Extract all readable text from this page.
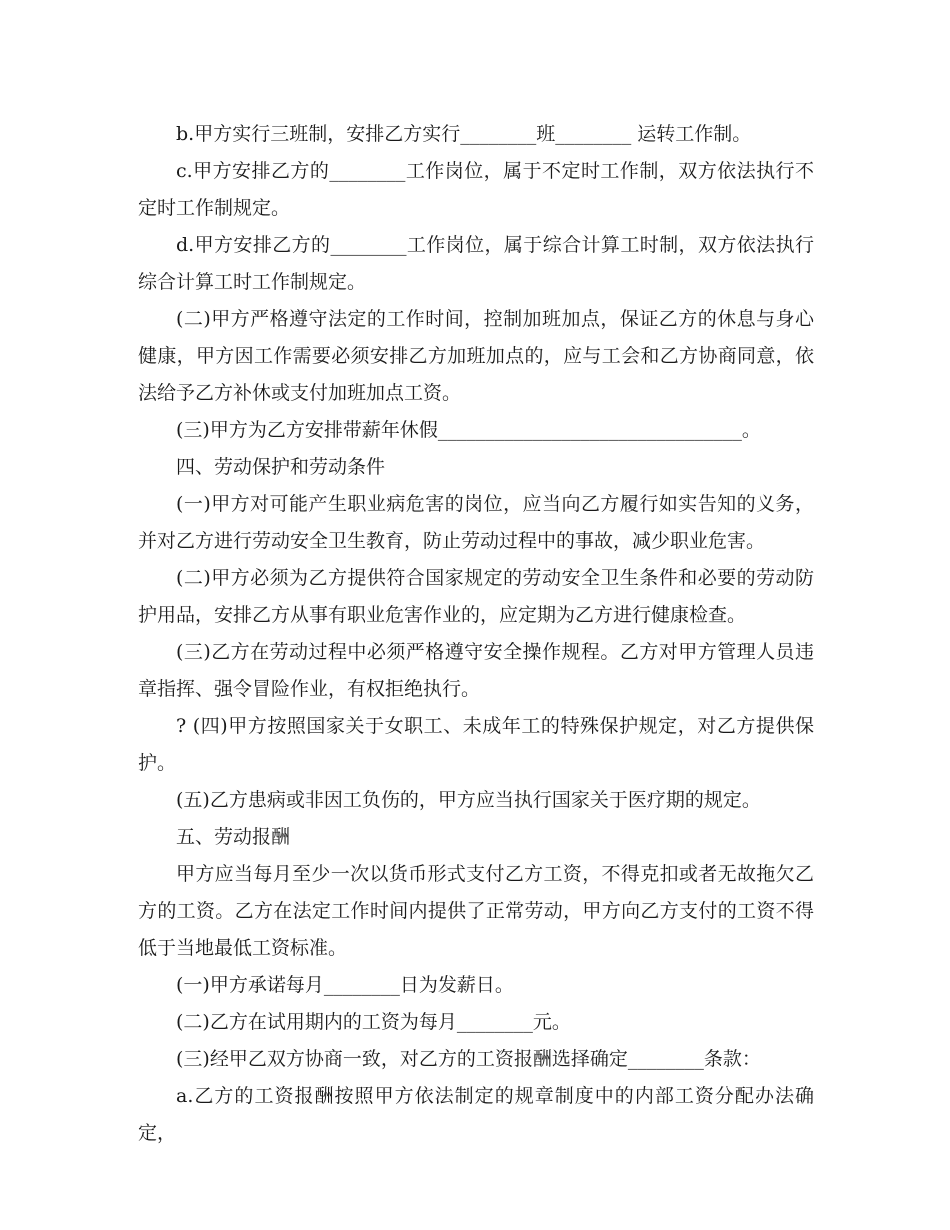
b.甲方实行三班制，安排乙方实行________班________ 运转工作制。

c.甲方安排乙方的________工作岗位，属于不定时工作制，双方依法执行不定时工作制规定。

d.甲方安排乙方的________工作岗位，属于综合计算工时制，双方依法执行综合计算工时工作制规定。

(二)甲方严格遵守法定的工作时间，控制加班加点，保证乙方的休息与身心健康，甲方因工作需要必须安排乙方加班加点的，应与工会和乙方协商同意，依法给予乙方补休或支付加班加点工资。

(三)甲方为乙方安排带薪年休假________________________________。

四、劳动保护和劳动条件

(一)甲方对可能产生职业病危害的岗位，应当向乙方履行如实告知的义务，并对乙方进行劳动安全卫生教育，防止劳动过程中的事故，减少职业危害。

(二)甲方必须为乙方提供符合国家规定的劳动安全卫生条件和必要的劳动防护用品，安排乙方从事有职业危害作业的，应定期为乙方进行健康检查。

(三)乙方在劳动过程中必须严格遵守安全操作规程。乙方对甲方管理人员违章指挥、强令冒险作业，有权拒绝执行。

? (四)甲方按照国家关于女职工、未成年工的特殊保护规定，对乙方提供保护。

(五)乙方患病或非因工负伤的，甲方应当执行国家关于医疗期的规定。

五、劳动报酬

甲方应当每月至少一次以货币形式支付乙方工资，不得克扣或者无故拖欠乙方的工资。乙方在法定工作时间内提供了正常劳动，甲方向乙方支付的工资不得低于当地最低工资标准。

(一)甲方承诺每月________日为发薪日。

(二)乙方在试用期内的工资为每月________元。

(三)经甲乙双方协商一致，对乙方的工资报酬选择确定________条款：

a.乙方的工资报酬按照甲方依法制定的规章制度中的内部工资分配办法确定，
